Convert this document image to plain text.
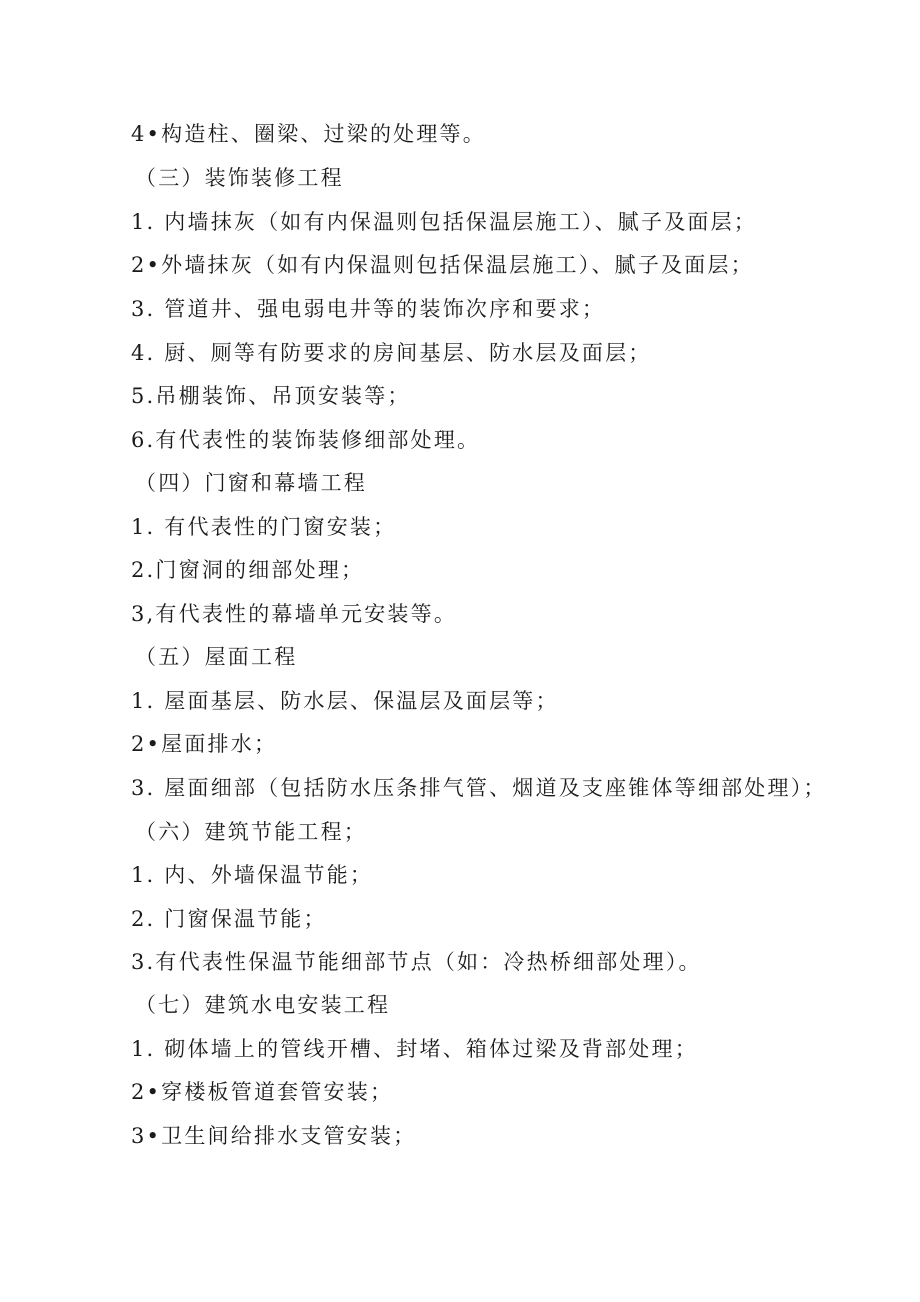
4•构造柱、圈梁、过梁的处理等。
（三）装饰装修工程
1. 内墙抹灰（如有内保温则包括保温层施工）、腻子及面层；
2•外墙抹灰（如有内保温则包括保温层施工）、腻子及面层；
3. 管道井、强电弱电井等的装饰次序和要求；
4. 厨、厕等有防要求的房间基层、防水层及面层；
5.吊棚装饰、吊顶安装等；
6.有代表性的装饰装修细部处理。
（四）门窗和幕墙工程
1. 有代表性的门窗安装；
2.门窗洞的细部处理；
3,有代表性的幕墙单元安装等。
（五）屋面工程
1. 屋面基层、防水层、保温层及面层等；
2•屋面排水；
3. 屋面细部（包括防水压条排气管、烟道及支座锥体等细部处理）；
（六）建筑节能工程；
1. 内、外墙保温节能；
2. 门窗保温节能；
3.有代表性保温节能细部节点（如：冷热桥细部处理）。
（七）建筑水电安装工程
1. 砌体墙上的管线开槽、封堵、箱体过梁及背部处理；
2•穿楼板管道套管安装；
3•卫生间给排水支管安装；
